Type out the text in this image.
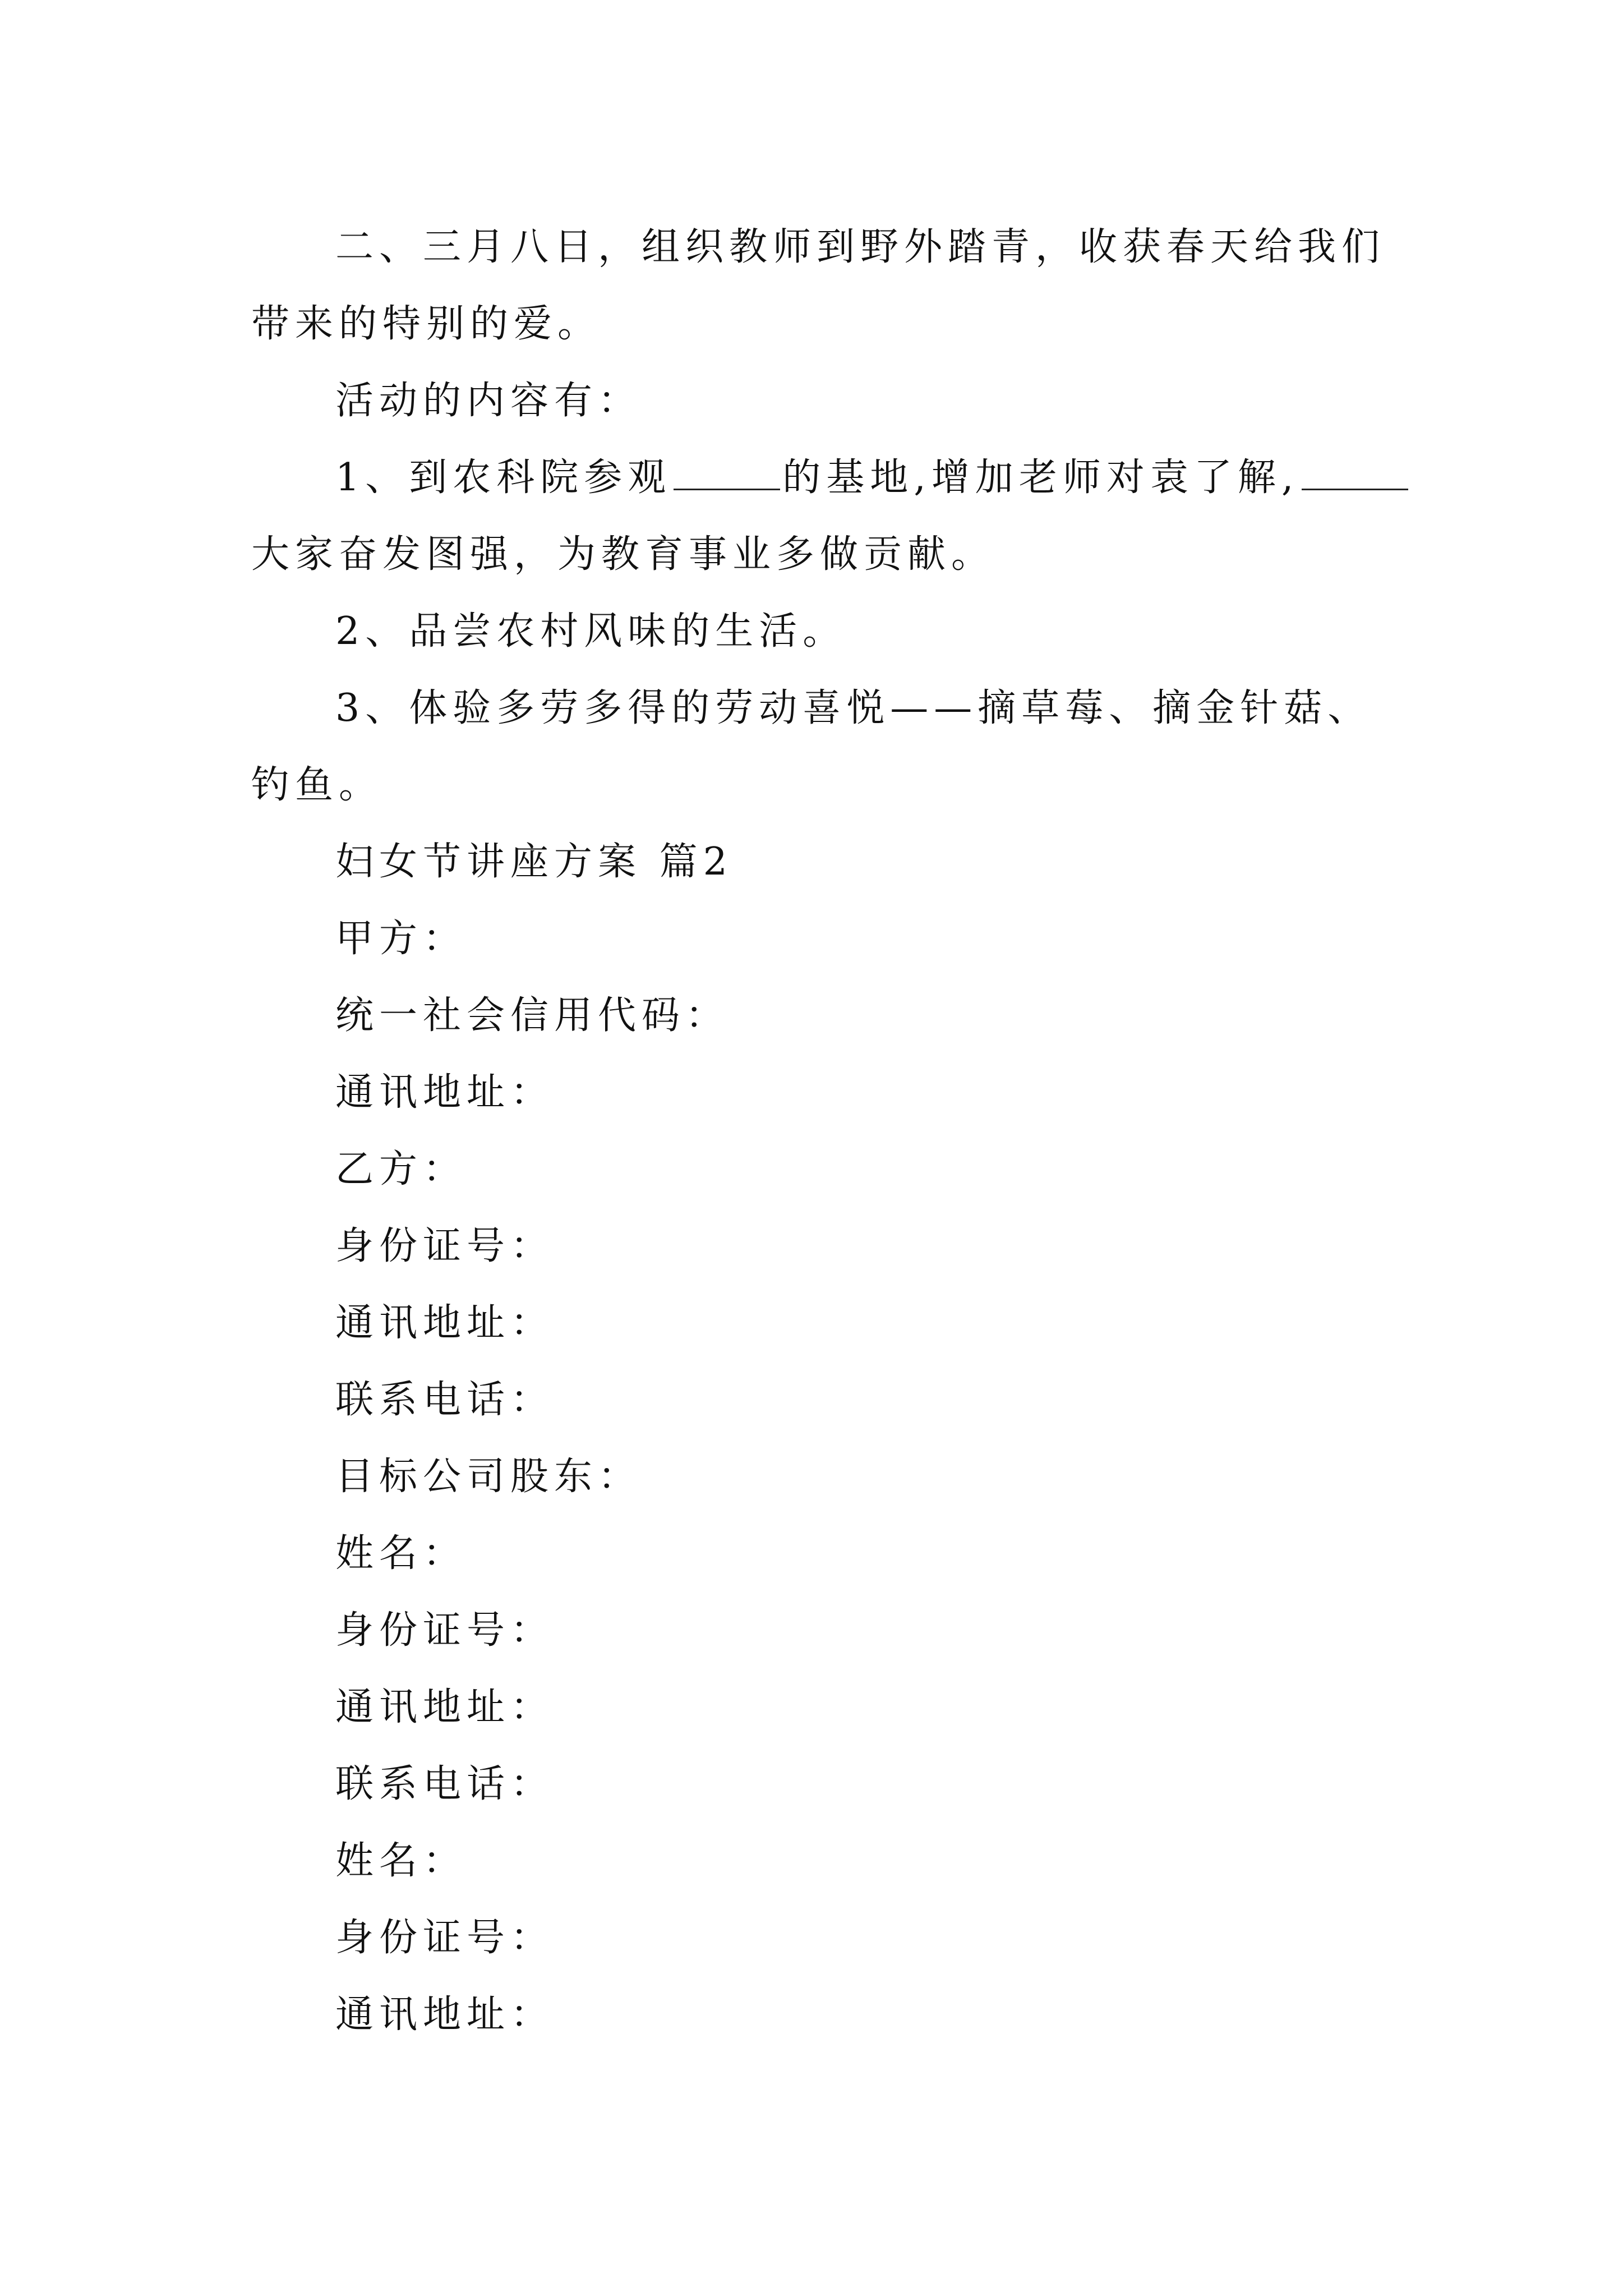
二、三月八日，组织教师到野外踏青，收获春天给我们

带来的特别的爱。

活动的内容有：

1、到农科院参观	的基地,增加老师对袁了解,

大家奋发图强，为教育事业多做贡献。

2、品尝农村风味的生活。

3、体验多劳多得的劳动喜悦——摘草莓、摘金针菇、

钓鱼。

妇女节讲座方案 篇2

甲方：

统一社会信用代码：

通讯地址：

乙方：

身份证号：

通讯地址：

联系电话：

目标公司股东：

姓名：

身份证号：

通讯地址：

联系电话：

姓名：

身份证号：

通讯地址：
